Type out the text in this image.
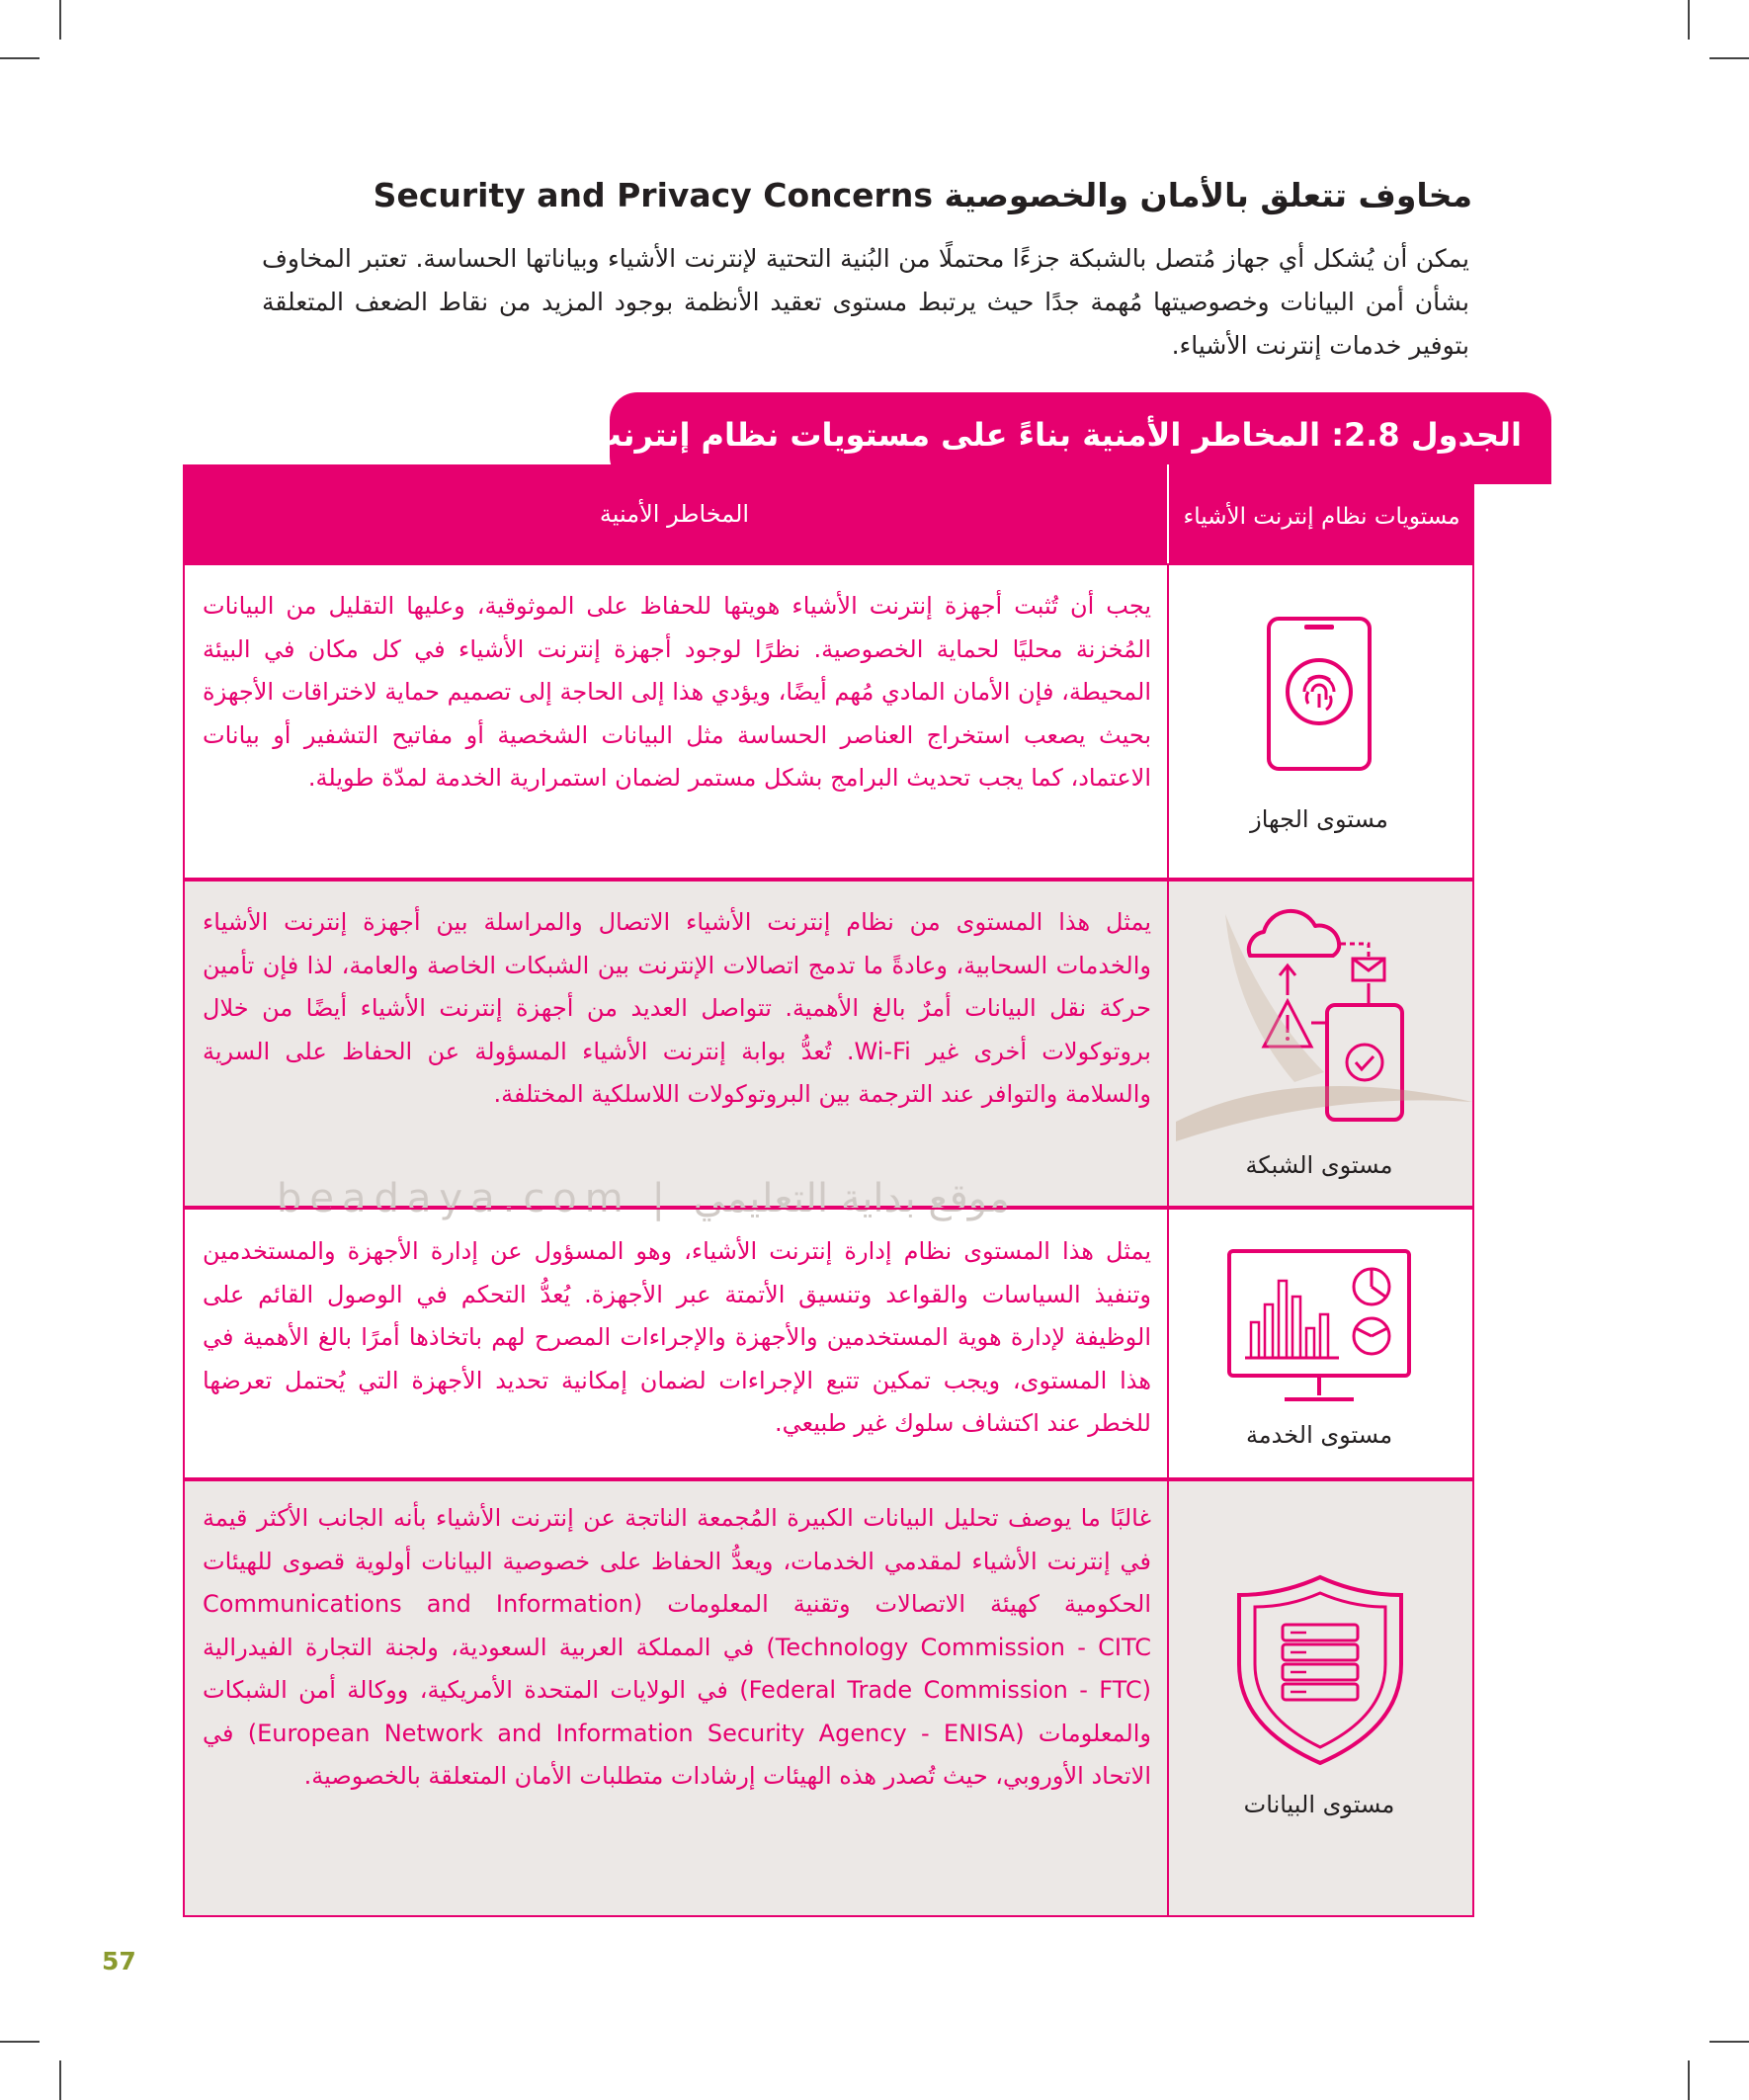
مخاوف تتعلق بالأمان والخصوصية Security and Privacy Concerns
يمكن أن يُشكل أي جهاز مُتصل بالشبكة جزءًا محتملًا من البُنية التحتية لإنترنت الأشياء وبياناتها الحساسة. تعتبر المخاوف بشأن أمن البيانات وخصوصيتها مُهمة جدًا حيث يرتبط مستوى تعقيد الأنظمة بوجود المزيد من نقاط الضعف المتعلقة بتوفير خدمات إنترنت الأشياء.
الجدول 2.8: المخاطر الأمنية بناءً على مستويات نظام إنترنت الأشياء
المخاطر الأمنية	مستويات نظام إنترنت الأشياء
يجب أن تُثبت أجهزة إنترنت الأشياء هويتها للحفاظ على الموثوقية، وعليها التقليل من البيانات المُخزنة محليًا لحماية الخصوصية. نظرًا لوجود أجهزة إنترنت الأشياء في كل مكان في البيئة المحيطة، فإن الأمان المادي مُهم أيضًا، ويؤدي هذا إلى الحاجة إلى تصميم حماية لاختراقات الأجهزة بحيث يصعب استخراج العناصر الحساسة مثل البيانات الشخصية أو مفاتيح التشفير أو بيانات الاعتماد، كما يجب تحديث البرامج بشكل مستمر لضمان استمرارية الخدمة لمدّة طويلة.
مستوى الجهاز
يمثل هذا المستوى من نظام إنترنت الأشياء الاتصال والمراسلة بين أجهزة إنترنت الأشياء والخدمات السحابية، وعادةً ما تدمج اتصالات الإنترنت بين الشبكات الخاصة والعامة، لذا فإن تأمين حركة نقل البيانات أمرٌ بالغ الأهمية. تتواصل العديد من أجهزة إنترنت الأشياء أيضًا من خلال بروتوكولات أخرى غير Wi-Fi. تُعدُّ بوابة إنترنت الأشياء المسؤولة عن الحفاظ على السرية والسلامة والتوافر عند الترجمة بين البروتوكولات اللاسلكية المختلفة.
مستوى الشبكة
beadaya.com | موقع بداية التعليمي
يمثل هذا المستوى نظام إدارة إنترنت الأشياء، وهو المسؤول عن إدارة الأجهزة والمستخدمين وتنفيذ السياسات والقواعد وتنسيق الأتمتة عبر الأجهزة. يُعدُّ التحكم في الوصول القائم على الوظيفة لإدارة هوية المستخدمين والأجهزة والإجراءات المصرح لهم باتخاذها أمرًا بالغ الأهمية في هذا المستوى، ويجب تمكين تتبع الإجراءات لضمان إمكانية تحديد الأجهزة التي يُحتمل تعرضها للخطر عند اكتشاف سلوك غير طبيعي.	مستوى الخدمة
غالبًا ما يوصف تحليل البيانات الكبيرة المُجمعة الناتجة عن إنترنت الأشياء بأنه الجانب الأكثر قيمة في إنترنت الأشياء لمقدمي الخدمات، ويعدُّ الحفاظ على خصوصية البيانات أولوية قصوى للهيئات الحكومية كهيئة الاتصالات وتقنية المعلومات (Communications and Information Technology Commission - CITC) في المملكة العربية السعودية، ولجنة التجارة الفيدرالية (Federal Trade Commission - FTC) في الولايات المتحدة الأمريكية، ووكالة أمن الشبكات والمعلومات (European Network and Information Security Agency - ENISA) في الاتحاد الأوروبي، حيث تُصدر هذه الهيئات إرشادات متطلبات الأمان المتعلقة بالخصوصية.
مستوى البيانات
57
